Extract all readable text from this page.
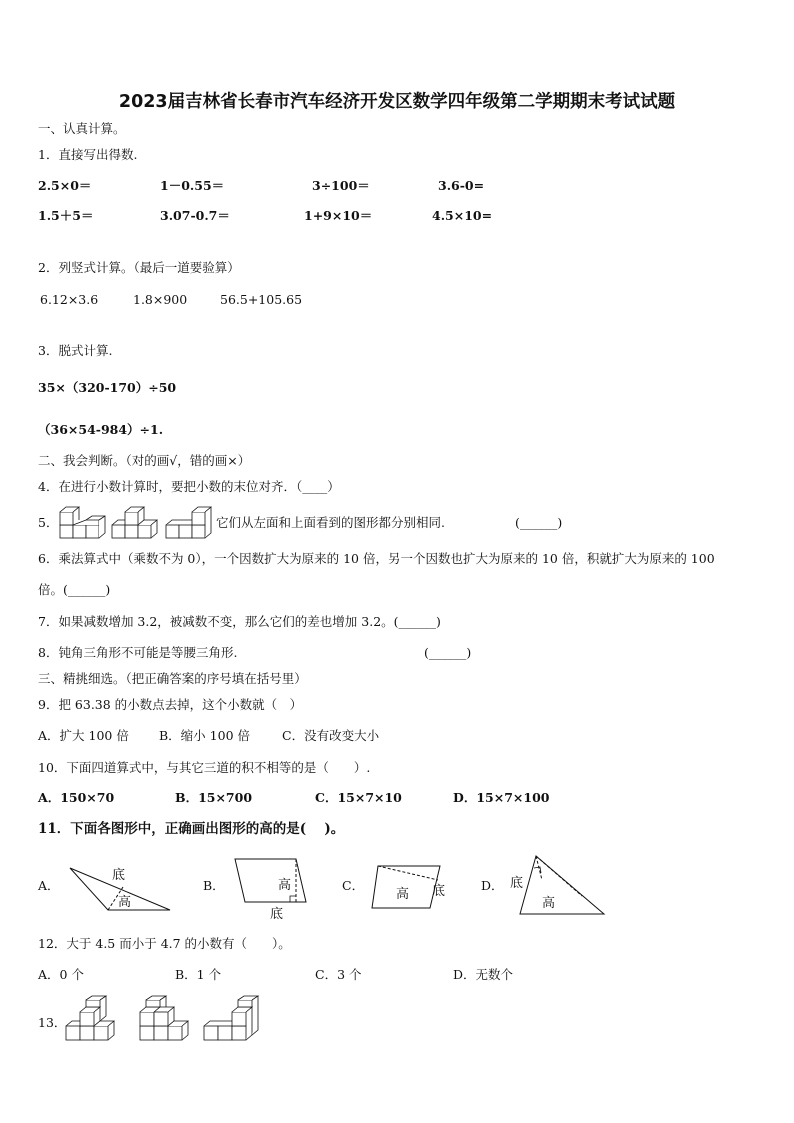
2023届吉林省长春市汽车经济开发区数学四年级第二学期期末考试试题
一、认真计算。
1．直接写出得数.
2.5×0＝	1－0.55＝	3÷100＝	3.6-0=
1.5＋5＝	3.07-0.7＝	1+9×10＝	4.5×10=
2．列竖式计算。（最后一道要验算）
6.12×3.6	1.8×900	56.5+105.65
3．脱式计算.
35×（320-170）÷50
（36×54-984）÷1.
二、我会判断。（对的画√，错的画×）
4．在进行小数计算时，要把小数的末位对齐．（____）
5．	它们从左面和上面看到的图形都分别相同.	(______)
6．乘法算式中（乘数不为 0），一个因数扩大为原来的 10 倍，另一个因数也扩大为原来的 10 倍，积就扩大为原来的 100
倍。(______)
7．如果减数增加 3.2，被减数不变，那么它们的差也增加 3.2。(______)
8．钝角三角形不可能是等腰三角形.	(______)
三、精挑细选。（把正确答案的序号填在括号里）
9．把 63.38 的小数点去掉，这个小数就（　）
A．扩大 100 倍 B．缩小 100 倍	C．没有改变大小
10．下面四道算式中，与其它三道的积不相等的是（　　）.
A．150×70	B．15×700	C．15×7×10	D．15×7×100
11．下面各图形中，正确画出图形的高的是(　 )。
A．
底
高
B．	高
底
C．
高 底	D． 底
高
12．大于 4.5 而小于 4.7 的小数有（　　）。
A．0 个	B．1 个	C．3 个	D．无数个
13．
